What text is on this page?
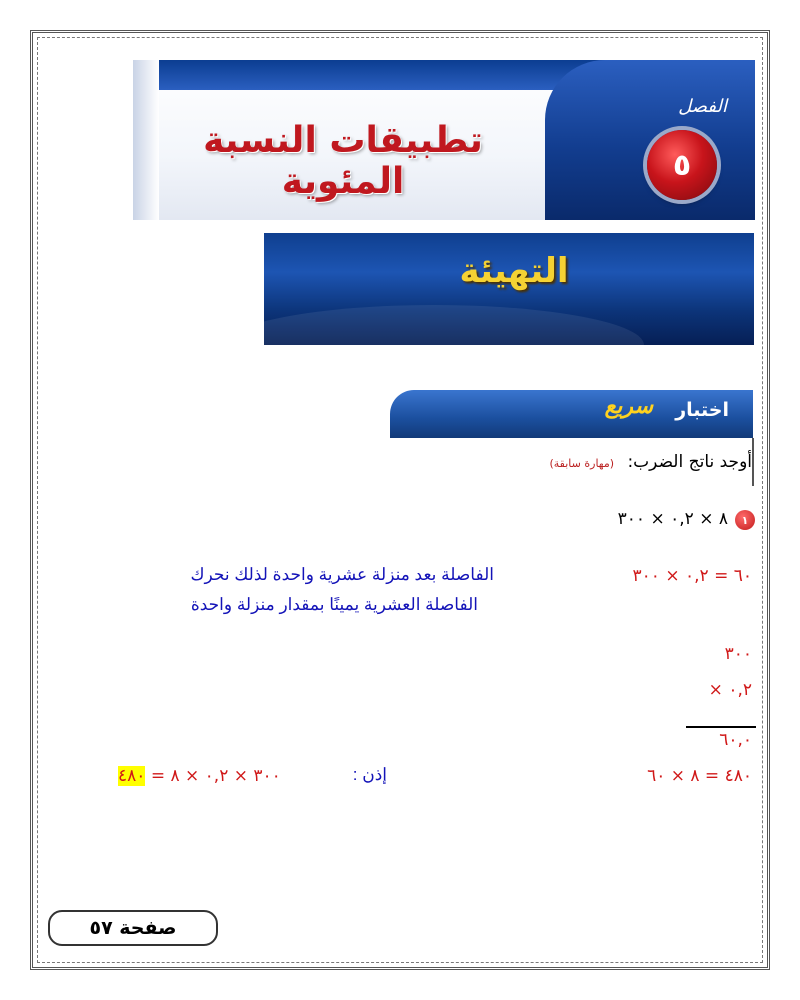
تطبيقات النسبة المئوية
الفصل
٥
التهيئة
اختبار
سريع
أوجد ناتج الضرب: (مهارة سابقة)
١
٨ × ٠,٢ × ٣٠٠
٦٠ = ٠,٢ × ٣٠٠
الفاصلة بعد منزلة عشرية واحدة لذلك نحرك
الفاصلة العشرية يمينًا بمقدار منزلة واحدة
٣٠٠
× ٠,٢
٦٠,٠
٤٨٠ = ٨ × ٦٠
إذن :
٣٠٠ × ٠,٢ × ٨ = ٤٨٠
صفحة ٥٧
